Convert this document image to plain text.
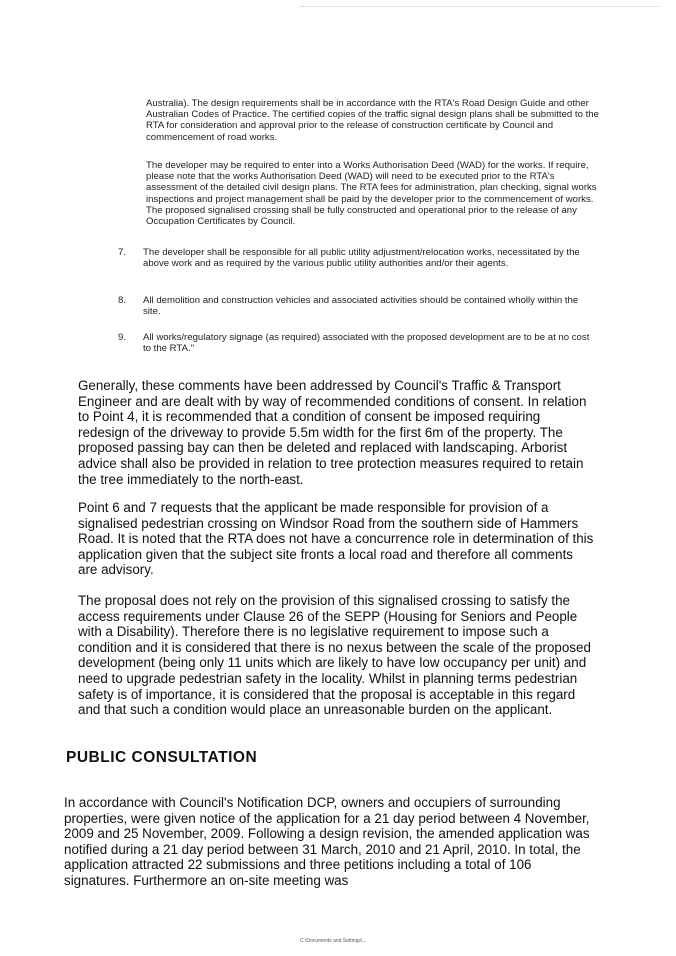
Australia). The design requirements shall be in accordance with the RTA's Road Design Guide and other Australian Codes of Practice. The certified copies of the traffic signal design plans shall be submitted to the RTA for consideration and approval prior to the release of construction certificate by Council and commencement of road works.

The developer may be required to enter into a Works Authorisation Deed (WAD) for the works. If require, please note that the works Authorisation Deed (WAD) will need to be executed prior to the RTA's assessment of the detailed civil design plans. The RTA fees for administration, plan checking, signal works inspections and project management shall be paid by the developer prior to the commencement of works. The proposed signalised crossing shall be fully constructed and operational prior to the release of any Occupation Certificates by Council.

7.	The developer shall be responsible for all public utility adjustment/relocation works, necessitated by the above work and as required by the various public utility authorities and/or their agents.

8.	All demolition and construction vehicles and associated activities should be contained wholly within the site.

9.	All works/regulatory signage (as required) associated with the proposed development are to be at no cost to the RTA."

Generally, these comments have been addressed by Council's Traffic & Transport Engineer and are dealt with by way of recommended conditions of consent. In relation to Point 4, it is recommended that a condition of consent be imposed requiring redesign of the driveway to provide 5.5m width for the first 6m of the property. The proposed passing bay can then be deleted and replaced with landscaping. Arborist advice shall also be provided in relation to tree protection measures required to retain the tree immediately to the north-east.

Point 6 and 7 requests that the applicant be made responsible for provision of a signalised pedestrian crossing on Windsor Road from the southern side of Hammers Road. It is noted that the RTA does not have a concurrence role in determination of this application given that the subject site fronts a local road and therefore all comments are advisory.

The proposal does not rely on the provision of this signalised crossing to satisfy the access requirements under Clause 26 of the SEPP (Housing for Seniors and People with a Disability). Therefore there is no legislative requirement to impose such a condition and it is considered that there is no nexus between the scale of the proposed development (being only 11 units which are likely to have low occupancy per unit) and need to upgrade pedestrian safety in the locality. Whilst in planning terms pedestrian safety is of importance, it is considered that the proposal is acceptable in this regard and that such a condition would place an unreasonable burden on the applicant.

PUBLIC CONSULTATION

In accordance with Council's Notification DCP, owners and occupiers of surrounding properties, were given notice of the application for a 21 day period between 4 November, 2009 and 25 November, 2009. Following a design revision, the amended application was notified during a 21 day period between 31 March, 2010 and 21 April, 2010. In total, the application attracted 22 submissions and three petitions including a total of 106 signatures. Furthermore an on-site meeting was

C:\Documents and Settings\...
